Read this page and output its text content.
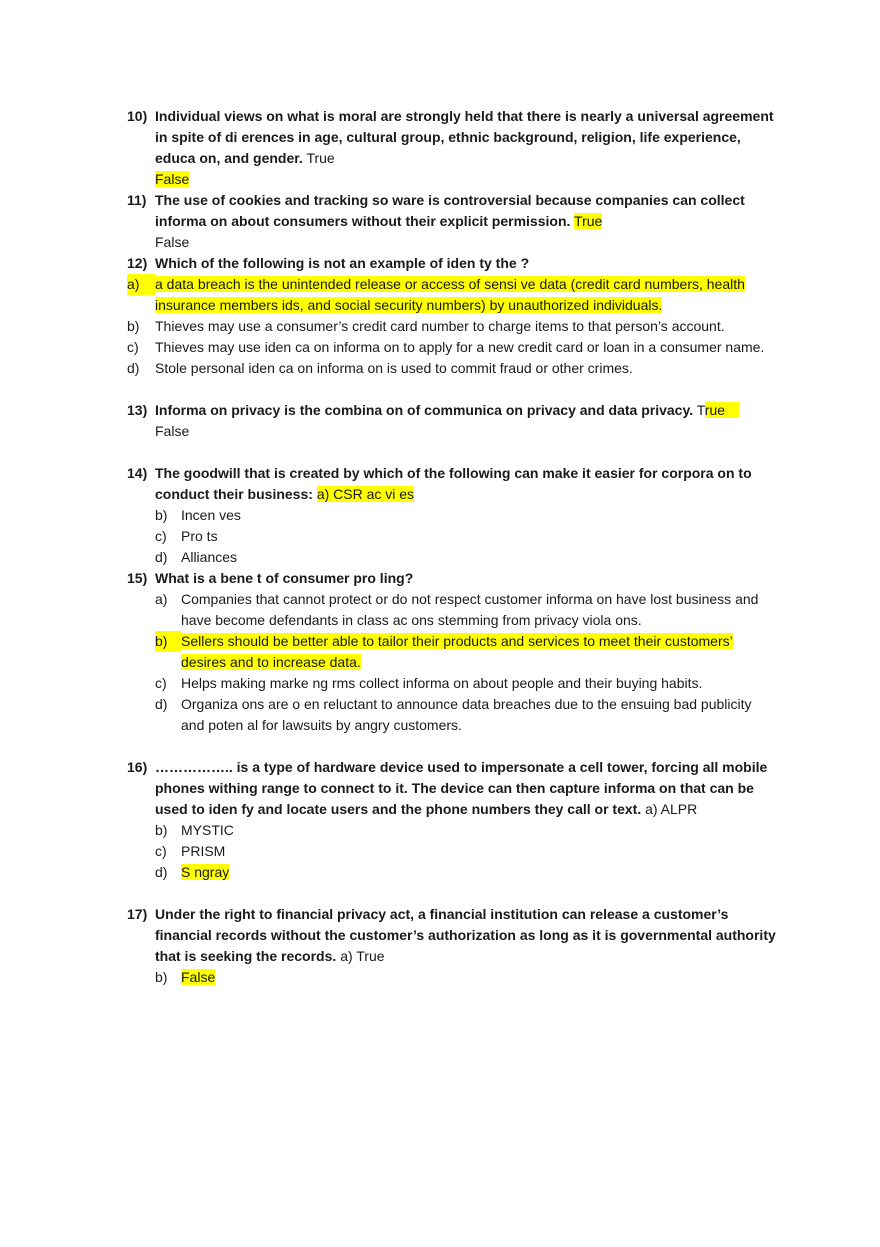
10) Individual views on what is moral are strongly held that there is nearly a universal agreement in spite of di erences in age, cultural group, ethnic background, religion, life experience, educa on, and gender. True
False
11) The use of cookies and tracking so ware is controversial because companies can collect informa on about consumers without their explicit permission. True
False
12) Which of the following is not an example of iden ty the ?
a)	a data breach is the unintended release or access of sensi ve data (credit card numbers, health insurance members ids, and social security numbers) by unauthorized individuals.
b)	Thieves may use a consumer’s credit card number to charge items to that person’s account.
c)	Thieves may use iden ca on informa on to apply for a new credit card or loan in a consumer name.
d)	Stole personal iden ca on informa on is used to commit fraud or other crimes.
13) Informa on privacy is the combina on of communica on privacy and data privacy. True
False
14) The goodwill that is created by which of the following can make it easier for corpora on to conduct their business: a) CSR ac vi es
b) Incen ves
c)	Pro ts
d) Alliances
15) What is a bene t of consumer pro ling?
a) Companies that cannot protect or do not respect customer informa on have lost business and have become defendants in class ac ons stemming from privacy viola ons.
b) Sellers should be better able to tailor their products and services to meet their customers’ desires and to increase data.
c)	Helps making marke ng rms collect informa on about people and their buying habits.
d) Organiza ons are o en reluctant to announce data breaches due to the ensuing bad publicity and poten al for lawsuits by angry customers.
16) …………….. is a type of hardware device used to impersonate a cell tower, forcing all mobile phones withing range to connect to it. The device can then capture informa on that can be used to iden fy and locate users and the phone numbers they call or text. a) ALPR
b) MYSTIC
c)	PRISM
d) S ngray
17) Under the right to financial privacy act, a financial institution can release a customer’s financial records without the customer’s authorization as long as it is governmental authority that is seeking the records. a) True
b) False
